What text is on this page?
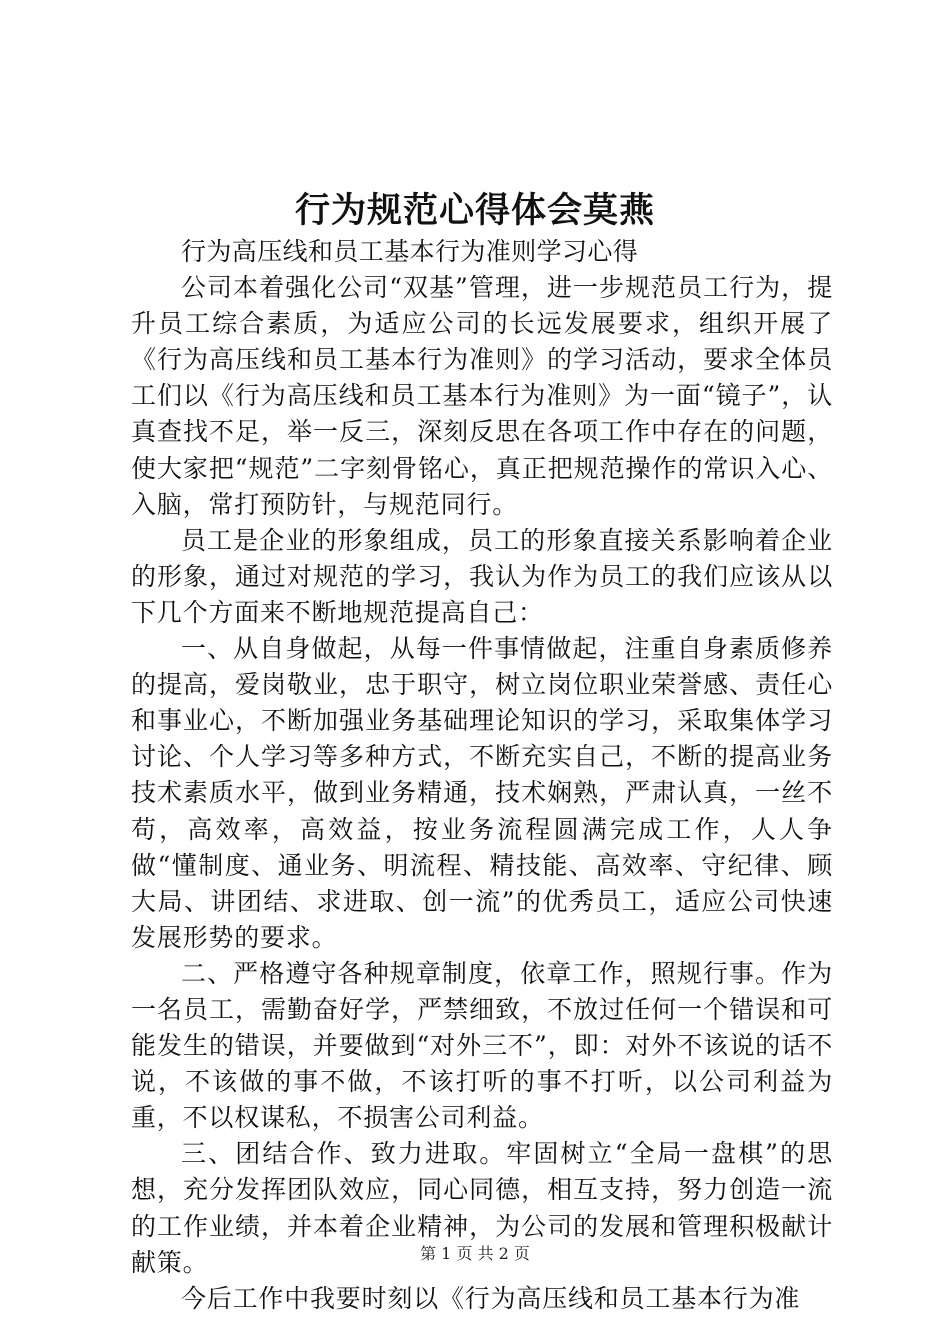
行为规范心得体会莫燕

行为高压线和员工基本行为准则学习心得

公司本着强化公司“双基”管理，进一步规范员工行为，提升员工综合素质，为适应公司的长远发展要求，组织开展了《行为高压线和员工基本行为准则》的学习活动，要求全体员工们以《行为高压线和员工基本行为准则》为一面“镜子”，认真查找不足，举一反三，深刻反思在各项工作中存在的问题，使大家把“规范”二字刻骨铭心，真正把规范操作的常识入心、入脑，常打预防针，与规范同行。

员工是企业的形象组成，员工的形象直接关系影响着企业的形象，通过对规范的学习，我认为作为员工的我们应该从以下几个方面来不断地规范提高自己：

一、从自身做起，从每一件事情做起，注重自身素质修养的提高，爱岗敬业，忠于职守，树立岗位职业荣誉感、责任心和事业心，不断加强业务基础理论知识的学习，采取集体学习讨论、个人学习等多种方式，不断充实自己，不断的提高业务技术素质水平，做到业务精通，技术娴熟，严肃认真，一丝不苟，高效率，高效益，按业务流程圆满完成工作，人人争做“懂制度、通业务、明流程、精技能、高效率、守纪律、顾大局、讲团结、求进取、创一流”的优秀员工，适应公司快速发展形势的要求。

二、严格遵守各种规章制度，依章工作，照规行事。作为一名员工，需勤奋好学，严禁细致，不放过任何一个错误和可能发生的错误，并要做到“对外三不”，即：对外不该说的话不说，不该做的事不做，不该打听的事不打听，以公司利益为重，不以权谋私，不损害公司利益。

三、团结合作、致力进取。牢固树立“全局一盘棋”的思想，充分发挥团队效应，同心同德，相互支持，努力创造一流的工作业绩，并本着企业精神，为公司的发展和管理积极献计献策。

今后工作中我要时刻以《行为高压线和员工基本行为准

第 1 页 共 2 页
